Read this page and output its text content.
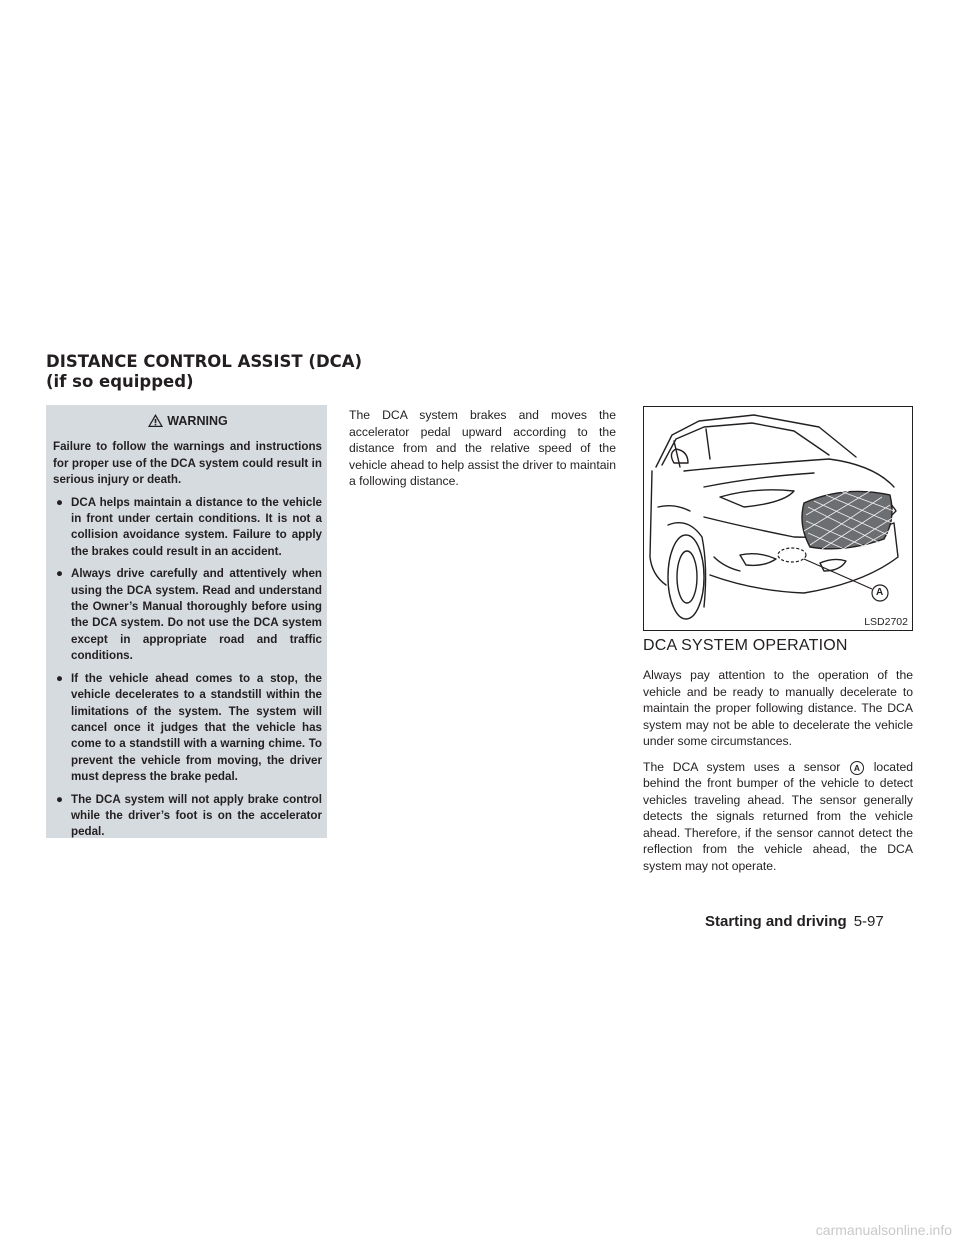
DISTANCE CONTROL ASSIST (DCA)
(if so equipped)
WARNING

Failure to follow the warnings and instructions for proper use of the DCA system could result in serious injury or death.

● DCA helps maintain a distance to the vehicle in front under certain conditions. It is not a collision avoidance system. Failure to apply the brakes could result in an accident.
● Always drive carefully and attentively when using the DCA system. Read and understand the Owner’s Manual thoroughly before using the DCA system. Do not use the DCA system except in appropriate road and traffic conditions.
● If the vehicle ahead comes to a stop, the vehicle decelerates to a standstill within the limitations of the system. The system will cancel once it judges that the vehicle has come to a standstill with a warning chime. To prevent the vehicle from moving, the driver must depress the brake pedal.
● The DCA system will not apply brake control while the driver’s foot is on the accelerator pedal.

The DCA system brakes and moves the accelerator pedal upward according to the distance from and the relative speed of the vehicle ahead to help assist the driver to maintain a following distance.

A
LSD2702
DCA SYSTEM OPERATION

Always pay attention to the operation of the vehicle and be ready to manually decelerate to maintain the proper following distance. The DCA system may not be able to decelerate the vehicle under some circumstances.

The DCA system uses a sensor A located behind the front bumper of the vehicle to detect vehicles traveling ahead. The sensor generally detects the signals returned from the vehicle ahead. Therefore, if the sensor cannot detect the reflection from the vehicle ahead, the DCA system may not operate.

Starting and driving 5-97
carmanualsonline.info
